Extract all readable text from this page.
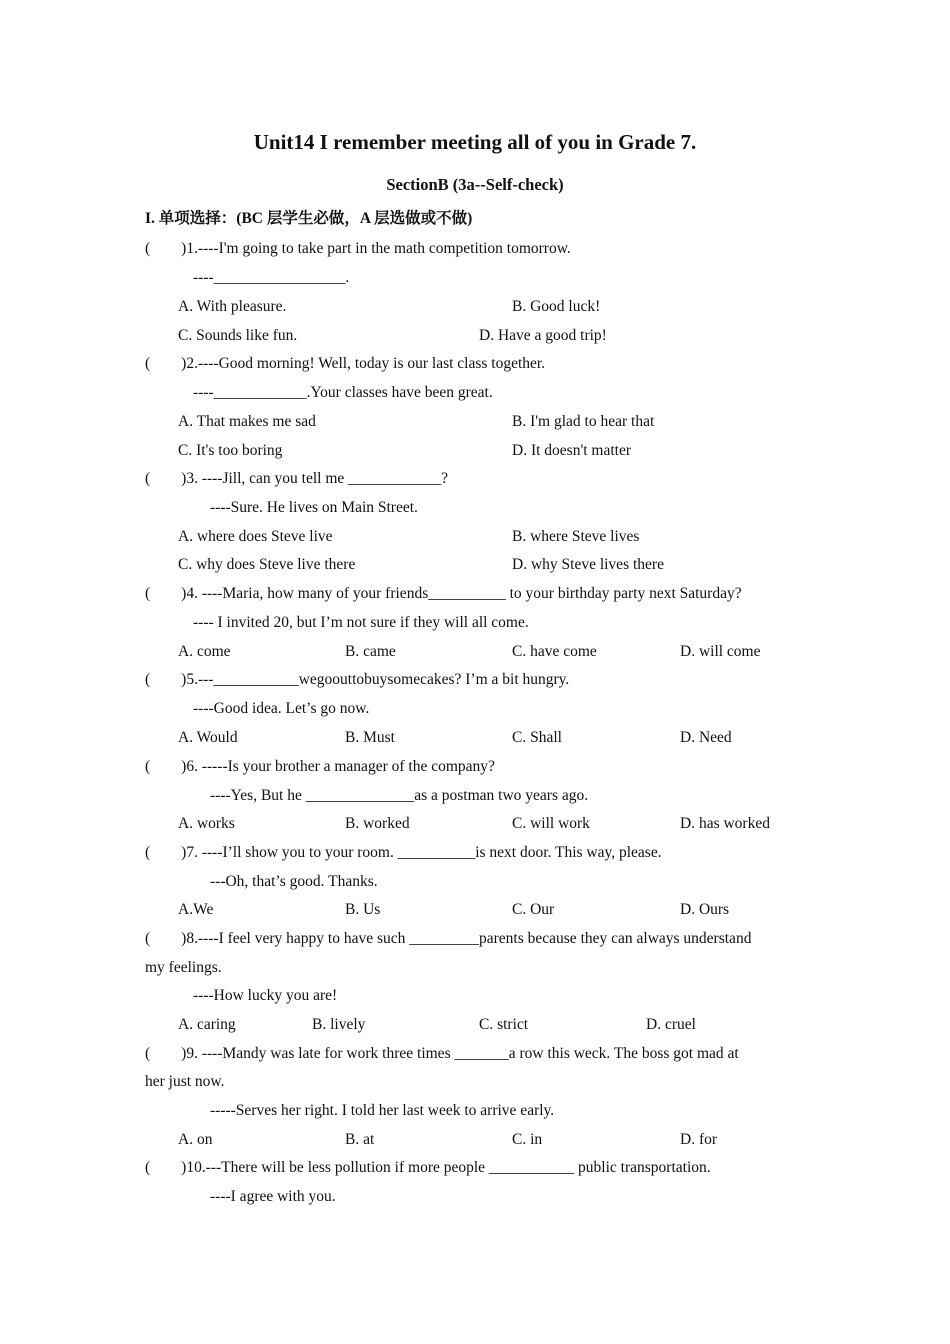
Unit14 I remember meeting all of you in Grade 7.
SectionB (3a--Self-check)
I. 单项选择：(BC 层学生必做，A 层选做或不做)
(        )1.----I'm going to take part in the math competition tomorrow.
----_________________.
A. With pleasure.	B. Good luck!
C. Sounds like fun.	D. Have a good trip!
(        )2.----Good morning! Well, today is our last class together.
----____________.Your classes have been great.
A. That makes me sad	B. I'm glad to hear that
C. It's too boring	D. It doesn't matter
(        )3. ----Jill, can you tell me ____________?
----Sure. He lives on Main Street.
A. where does Steve live	B. where Steve lives
C. why does Steve live there	D. why Steve lives there
(        )4. ----Maria, how many of your friends__________ to your birthday party next Saturday?
---- I invited 20, but I’m not sure if they will all come.
A. come	B. came	C. have come	D. will come
(        )5.---___________wegoouttobuysomecakes? I’m a bit hungry.
----Good idea. Let’s go now.
A. Would	B. Must	C. Shall	D. Need
(        )6. -----Is your brother a manager of the company?
----Yes, But he ______________as a postman two years ago.
A. works	B. worked	C. will work	D. has worked
(        )7. ----I’ll show you to your room. __________is next door. This way, please.
---Oh, that’s good. Thanks.
A.We	B. Us	C. Our	D. Ours
(        )8.----I feel very happy to have such _________parents because they can always understand
my feelings.
----How lucky you are!
A. caring	B. lively	C. strict	D. cruel
(        )9. ----Mandy was late for work three times _______a row this weck. The boss got mad at
her just now.
-----Serves her right. I told her last week to arrive early.
A. on	B. at	C. in	D. for
(        )10.---There will be less pollution if more people ___________ public transportation.
----I agree with you.
